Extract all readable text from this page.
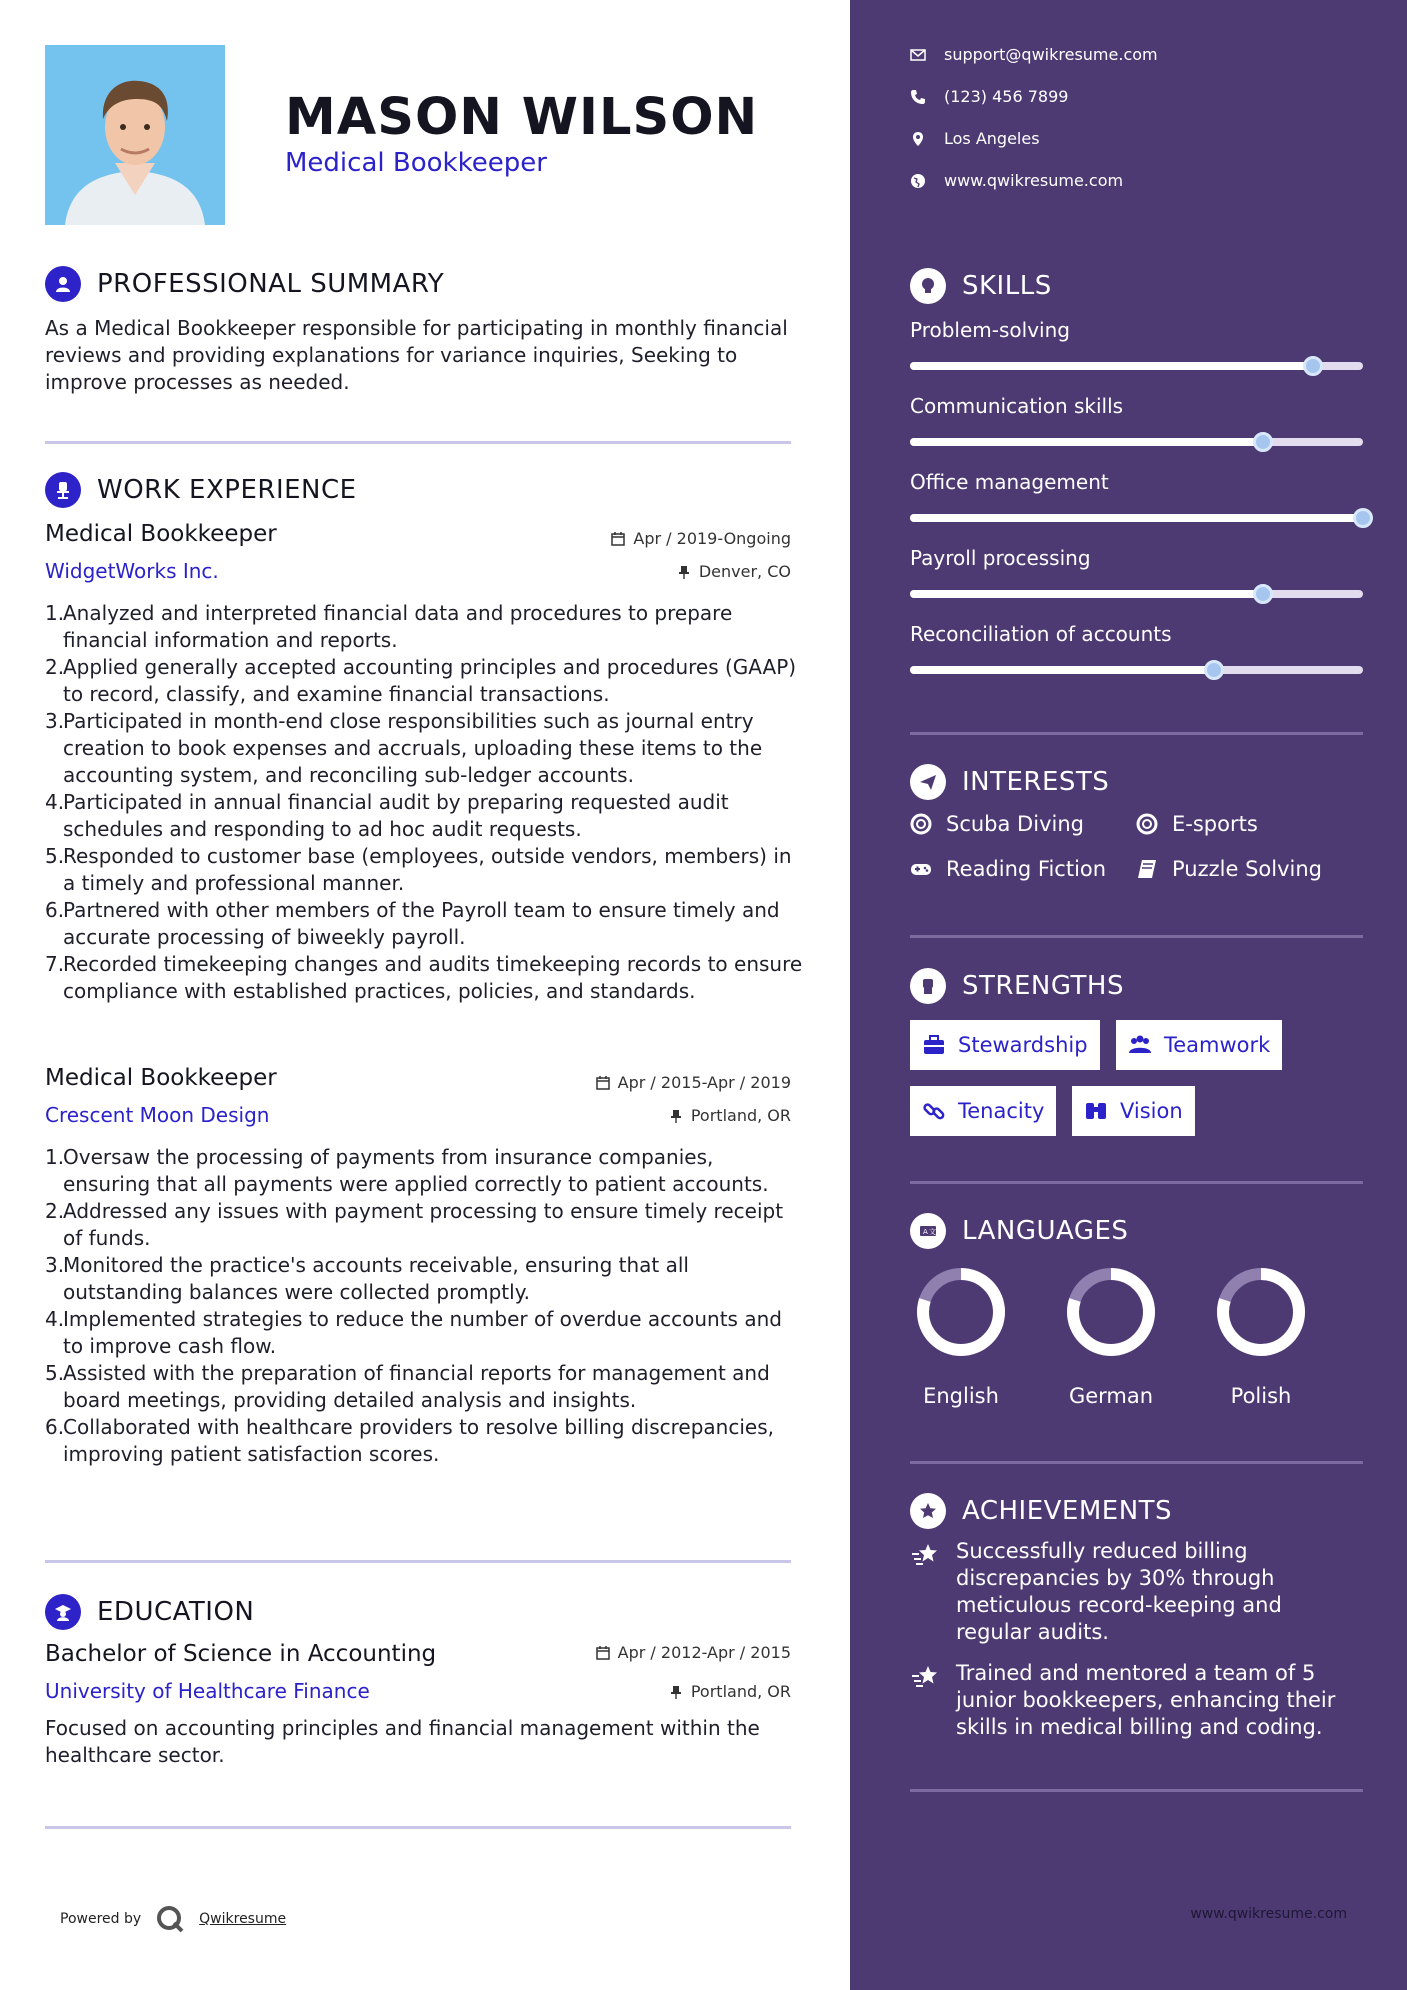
MASON WILSON
Medical Bookkeeper
PROFESSIONAL SUMMARY
As a Medical Bookkeeper responsible for participating in monthly financial reviews and providing explanations for variance inquiries, Seeking to improve processes as needed.
WORK EXPERIENCE
Medical Bookkeeper	Apr / 2019-Ongoing
WidgetWorks Inc.	Denver, CO
1.
Analyzed and interpreted financial data and procedures to prepare financial information and reports.
2.
Applied generally accepted accounting principles and procedures (GAAP) to record, classify, and examine financial transactions.
3.
Participated in month-end close responsibilities such as journal entry creation to book expenses and accruals, uploading these items to the accounting system, and reconciling sub-ledger accounts.
4.
Participated in annual financial audit by preparing requested audit schedules and responding to ad hoc audit requests.
5.
Responded to customer base (employees, outside vendors, members) in a timely and professional manner.
6.
Partnered with other members of the Payroll team to ensure timely and accurate processing of biweekly payroll.
7.
Recorded timekeeping changes and audits timekeeping records to ensure compliance with established practices, policies, and standards.
Medical Bookkeeper	Apr / 2015-Apr / 2019
Crescent Moon Design	Portland, OR
1.
Oversaw the processing of payments from insurance companies, ensuring that all payments were applied correctly to patient accounts.
2.
Addressed any issues with payment processing to ensure timely receipt of funds.
3.
Monitored the practice's accounts receivable, ensuring that all outstanding balances were collected promptly.
4.
Implemented strategies to reduce the number of overdue accounts and to improve cash flow.
5.
Assisted with the preparation of financial reports for management and board meetings, providing detailed analysis and insights.
6.
Collaborated with healthcare providers to resolve billing discrepancies, improving patient satisfaction scores.
EDUCATION
Bachelor of Science in Accounting	Apr / 2012-Apr / 2015
University of Healthcare Finance	Portland, OR
Focused on accounting principles and financial management within the healthcare sector.
Powered by	Qwikresume
support@qwikresume.com
(123) 456 7899
Los Angeles
www.qwikresume.com
SKILLS
Problem-solving
Communication skills
Office management
Payroll processing
Reconciliation of accounts
INTERESTS
Scuba Diving	E-sports
Reading Fiction	Puzzle Solving
STRENGTHS
Stewardship	Teamwork
Tenacity	Vision
A 文 LANGUAGES
English	German	Polish
ACHIEVEMENTS
Successfully reduced billing discrepancies by 30% through meticulous record-keeping and regular audits.
Trained and mentored a team of 5 junior bookkeepers, enhancing their skills in medical billing and coding.
www.qwikresume.com
